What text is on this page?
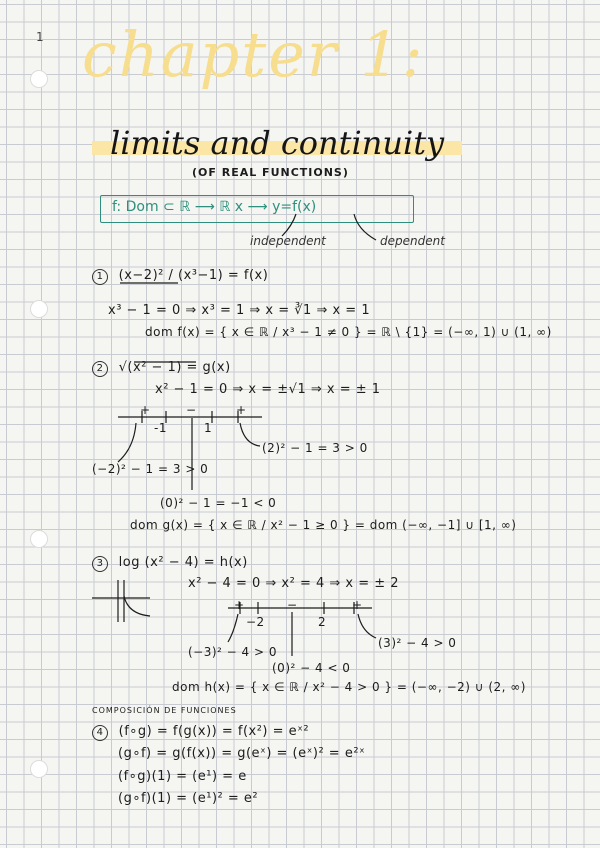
1 chapter 1:
limits and continuity
(OF REAL FUNCTIONS)
f: Dom ⊂ ℝ ⟶ ℝ x ⟶ y=f(x)
independent	dependent
1 (x−2)² / (x³−1) = f(x)
x³ − 1 = 0 ⇒ x³ = 1 ⇒ x = ∛1 ⇒ x = 1
dom f(x) = { x ∈ ℝ / x³ − 1 ≠ 0 } = ℝ \ {1} = (−∞, 1) ∪ (1, ∞)
2 √(x² − 1) = g(x)
x² − 1 = 0 ⇒ x = ±√1 ⇒ x = ± 1
+	−	+
-1	1
(−2)² − 1 = 3 > 0
(0)² − 1 = −1 < 0
(2)² − 1 = 3 > 0
dom g(x) = { x ∈ ℝ / x² − 1 ≥ 0 } = dom (−∞, −1] ∪ [1, ∞)
3 log (x² − 4) = h(x)
x² − 4 = 0 ⇒ x² = 4 ⇒ x = ± 2
+	−	+
−2	2
(−3)² − 4 > 0
(0)² − 4 < 0
(3)² − 4 > 0
dom h(x) = { x ∈ ℝ / x² − 4 > 0 } = (−∞, −2) ∪ (2, ∞)
COMPOSICIÓN DE FUNCIONES
4 (f∘g) = f(g(x)) = f(x²) = eˣ²
(g∘f) = g(f(x)) = g(eˣ) = (eˣ)² = e²ˣ
(f∘g)(1) = (e¹) = e
(g∘f)(1) = (e¹)² = e²
